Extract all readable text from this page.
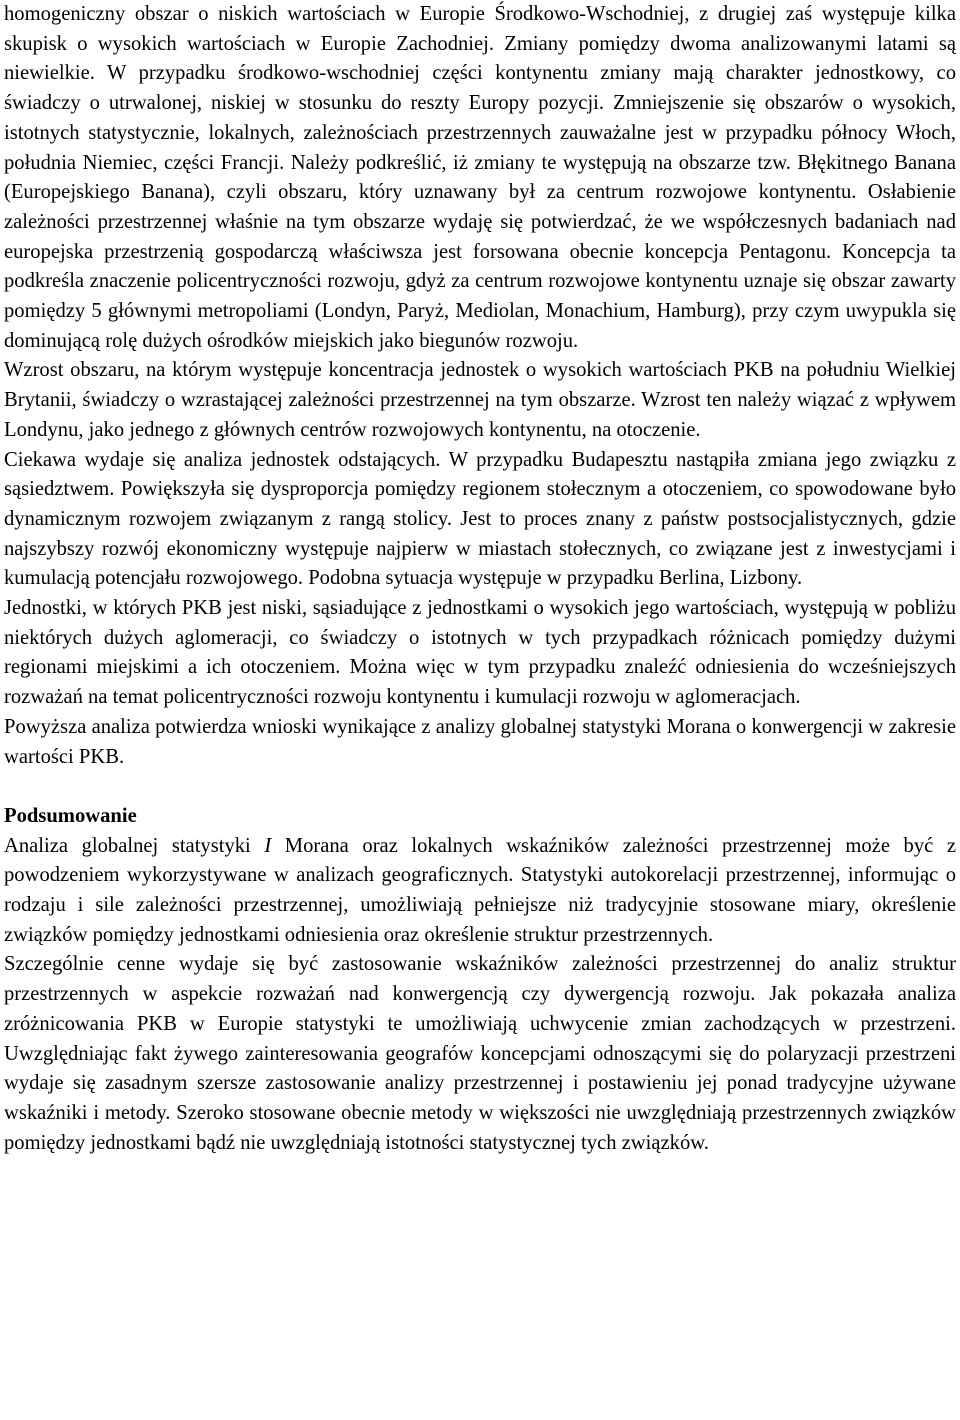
homogeniczny obszar o niskich wartościach w Europie Środkowo-Wschodniej, z drugiej zaś występuje kilka skupisk o wysokich wartościach w Europie Zachodniej. Zmiany pomiędzy dwoma analizowanymi latami są niewielkie. W przypadku środkowo-wschodniej części kontynentu zmiany mają charakter jednostkowy, co świadczy o utrwalonej, niskiej w stosunku do reszty Europy pozycji. Zmniejszenie się obszarów o wysokich, istotnych statystycznie, lokalnych, zależnościach przestrzennych zauważalne jest w przypadku północy Włoch, południa Niemiec, części Francji. Należy podkreślić, iż zmiany te występują na obszarze tzw. Błękitnego Banana (Europejskiego Banana), czyli obszaru, który uznawany był za centrum rozwojowe kontynentu. Osłabienie zależności przestrzennej właśnie na tym obszarze wydaję się potwierdzać, że we współczesnych badaniach nad europejska przestrzenią gospodarczą właściwsza jest forsowana obecnie koncepcja Pentagonu. Koncepcja ta podkreśla znaczenie policentryczności rozwoju, gdyż za centrum rozwojowe kontynentu uznaje się obszar zawarty pomiędzy 5 głównymi metropoliami (Londyn, Paryż, Mediolan, Monachium, Hamburg), przy czym uwypukla się dominującą rolę dużych ośrodków miejskich jako biegunów rozwoju.

Wzrost obszaru, na którym występuje koncentracja jednostek o wysokich wartościach PKB na południu Wielkiej Brytanii, świadczy o wzrastającej zależności przestrzennej na tym obszarze. Wzrost ten należy wiązać z wpływem Londynu, jako jednego z głównych centrów rozwojowych kontynentu, na otoczenie.

Ciekawa wydaje się analiza jednostek odstających. W przypadku Budapesztu nastąpiła zmiana jego związku z sąsiedztwem. Powiększyła się dysproporcja pomiędzy regionem stołecznym a otoczeniem, co spowodowane było dynamicznym rozwojem związanym z rangą stolicy. Jest to proces znany z państw postsocjalistycznych, gdzie najszybszy rozwój ekonomiczny występuje najpierw w miastach stołecznych, co związane jest z inwestycjami i kumulacją potencjału rozwojowego. Podobna sytuacja występuje w przypadku Berlina, Lizbony.

Jednostki, w których PKB jest niski, sąsiadujące z jednostkami o wysokich jego wartościach, występują w pobliżu niektórych dużych aglomeracji, co świadczy o istotnych w tych przypadkach różnicach pomiędzy dużymi regionami miejskimi a ich otoczeniem. Można więc w tym przypadku znaleźć odniesienia do wcześniejszych rozważań na temat policentryczności rozwoju kontynentu i kumulacji rozwoju w aglomeracjach.

Powyższa analiza potwierdza wnioski wynikające z analizy globalnej statystyki Morana o konwergencji w zakresie wartości PKB.

Podsumowanie

Analiza globalnej statystyki I Morana oraz lokalnych wskaźników zależności przestrzennej może być z powodzeniem wykorzystywane w analizach geograficznych. Statystyki autokorelacji przestrzennej, informując o rodzaju i sile zależności przestrzennej, umożliwiają pełniejsze niż tradycyjnie stosowane miary, określenie związków pomiędzy jednostkami odniesienia oraz określenie struktur przestrzennych.

Szczególnie cenne wydaje się być zastosowanie wskaźników zależności przestrzennej do analiz struktur przestrzennych w aspekcie rozważań nad konwergencją czy dywergencją rozwoju. Jak pokazała analiza zróżnicowania PKB w Europie statystyki te umożliwiają uchwycenie zmian zachodzących w przestrzeni. Uwzględniając fakt żywego zainteresowania geografów koncepcjami odnoszącymi się do polaryzacji przestrzeni wydaje się zasadnym szersze zastosowanie analizy przestrzennej i postawieniu jej ponad tradycyjne używane wskaźniki i metody. Szeroko stosowane obecnie metody w większości nie uwzględniają przestrzennych związków pomiędzy jednostkami bądź nie uwzględniają istotności statystycznej tych związków.
